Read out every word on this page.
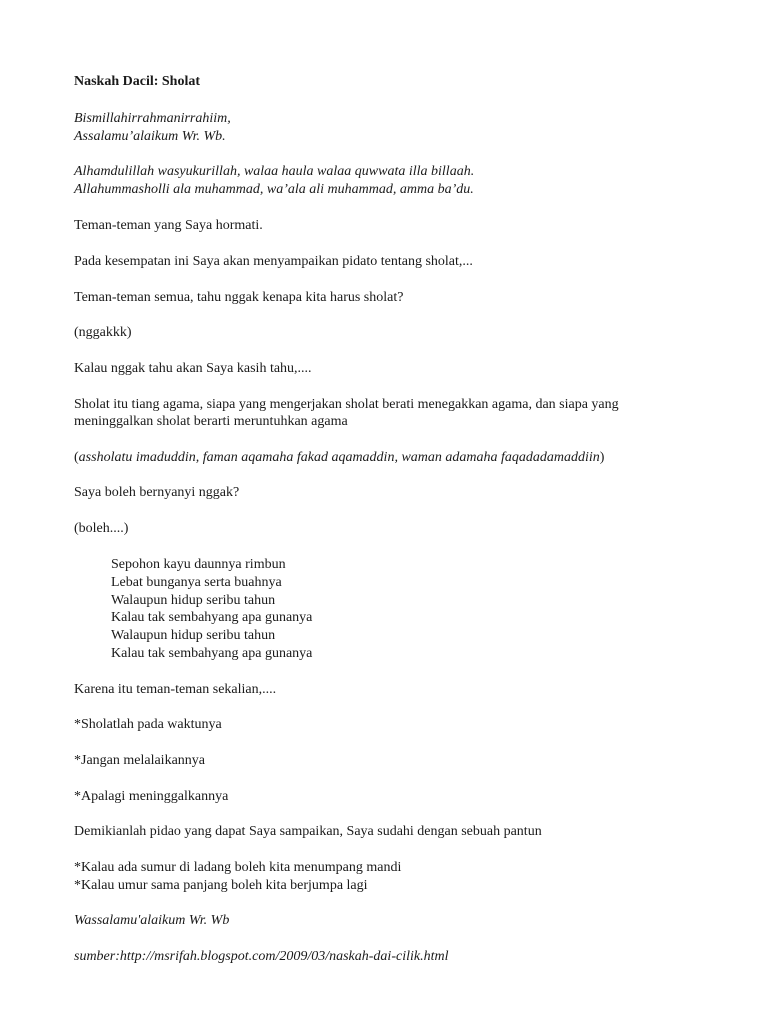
Naskah Dacil: Sholat
Bismillahirrahmanirrahiim,
Assalamu’alaikum Wr. Wb.
Alhamdulillah wasyukurillah, walaa haula walaa quwwata illa billaah.
Allahummasholli ala muhammad, wa’ala ali muhammad, amma ba’du.
Teman-teman yang Saya hormati.
Pada kesempatan ini Saya akan menyampaikan pidato tentang sholat,...
Teman-teman semua, tahu nggak kenapa kita harus sholat?
(nggakkk)
Kalau nggak tahu akan Saya kasih tahu,....
Sholat itu tiang agama, siapa yang mengerjakan sholat berati menegakkan agama, dan siapa yang
meninggalkan sholat berarti meruntuhkan agama
(assholatu imaduddin, faman aqamaha fakad aqamaddin, waman adamaha faqadadamaddiin)
Saya boleh bernyanyi nggak?
(boleh....)
Sepohon kayu daunnya rimbun
Lebat bunganya serta buahnya
Walaupun hidup seribu tahun
Kalau tak sembahyang apa gunanya
Walaupun hidup seribu tahun
Kalau tak sembahyang apa gunanya
Karena itu teman-teman sekalian,....
*Sholatlah pada waktunya
*Jangan melalaikannya
*Apalagi meninggalkannya
Demikianlah pidao yang dapat Saya sampaikan, Saya sudahi dengan sebuah pantun
*Kalau ada sumur di ladang boleh kita menumpang mandi
*Kalau umur sama panjang boleh kita berjumpa lagi
Wassalamu'alaikum Wr. Wb
sumber:http://msrifah.blogspot.com/2009/03/naskah-dai-cilik.html
